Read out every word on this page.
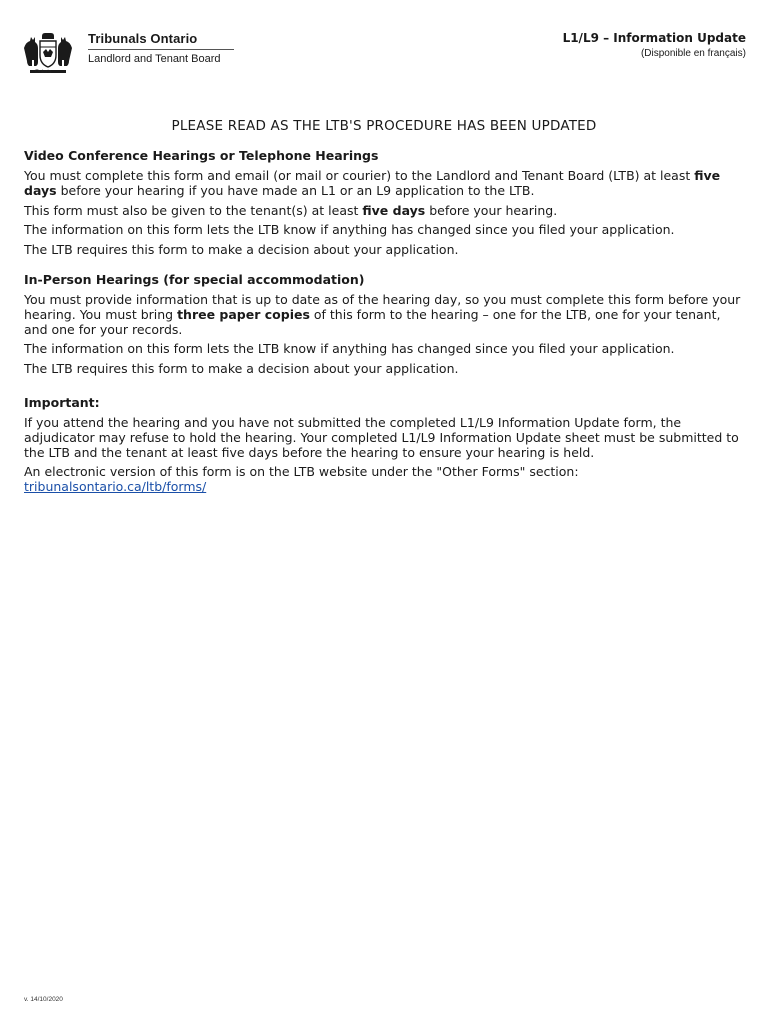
Ontario
Tribunals Ontario
Landlord and Tenant Board
L1/L9 – Information Update
(Disponible en français)
PLEASE READ AS THE LTB'S PROCEDURE HAS BEEN UPDATED
Video Conference Hearings or Telephone Hearings

You must complete this form and email (or mail or courier) to the Landlord and Tenant Board (LTB) at least five days before your hearing if you have made an L1 or an L9 application to the LTB.

This form must also be given to the tenant(s) at least five days before your hearing.

The information on this form lets the LTB know if anything has changed since you filed your application.

The LTB requires this form to make a decision about your application.

In-Person Hearings (for special accommodation)

You must provide information that is up to date as of the hearing day, so you must complete this form before your hearing. You must bring three paper copies of this form to the hearing – one for the LTB, one for your tenant, and one for your records.

The information on this form lets the LTB know if anything has changed since you filed your application.

The LTB requires this form to make a decision about your application.

Important:

If you attend the hearing and you have not submitted the completed L1/L9 Information Update form, the adjudicator may refuse to hold the hearing. Your completed L1/L9 Information Update sheet must be submitted to the LTB and the tenant at least five days before the hearing to ensure your hearing is held.

An electronic version of this form is on the LTB website under the "Other Forms" section:
tribunalsontario.ca/ltb/forms/

v. 14/10/2020
